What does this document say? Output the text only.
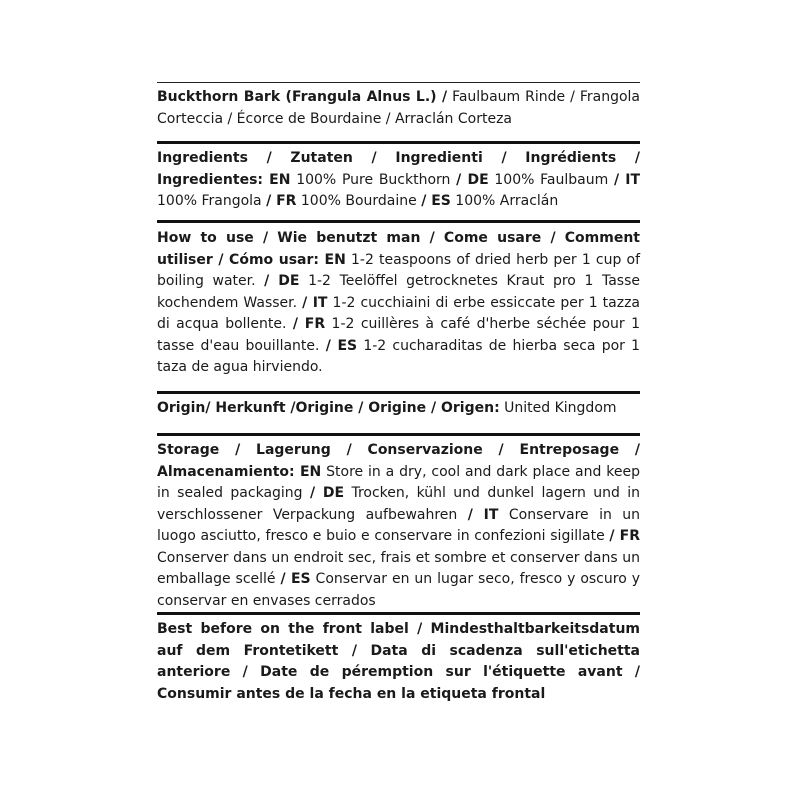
Buckthorn Bark (Frangula Alnus L.) / Faulbaum Rinde / Frangola Corteccia / Écorce de Bourdaine / Arraclán Corteza
Ingredients / Zutaten / Ingredienti / Ingrédients / Ingredientes: EN 100% Pure Buckthorn / DE 100% Faulbaum / IT 100% Frangola / FR 100% Bourdaine / ES 100% Arraclán
How to use / Wie benutzt man / Come usare / Comment utiliser / Cómo usar: EN 1-2 teaspoons of dried herb per 1 cup of boiling water. / DE 1-2 Teelöffel getrocknetes Kraut pro 1 Tasse kochendem Wasser. / IT 1-2 cucchiaini di erbe essiccate per 1 tazza di acqua bollente. / FR 1-2 cuillères à café d'herbe séchée pour 1 tasse d'eau bouillante. / ES 1-2 cucharaditas de hierba seca por 1 taza de agua hirviendo.
Origin/ Herkunft /Origine / Origine / Origen: United Kingdom
Storage / Lagerung / Conservazione / Entreposage / Almacenamiento: EN Store in a dry, cool and dark place and keep in sealed packaging / DE Trocken, kühl und dunkel lagern und in verschlossener Verpackung aufbewahren / IT Conservare in un luogo asciutto, fresco e buio e conservare in confezioni sigillate / FR Conserver dans un endroit sec, frais et sombre et conserver dans un emballage scellé / ES Conservar en un lugar seco, fresco y oscuro y conservar en envases cerrados
Best before on the front label / Mindesthaltbarkeitsdatum auf dem Frontetikett / Data di scadenza sull'etichetta anteriore / Date de péremption sur l'étiquette avant / Consumir antes de la fecha en la etiqueta frontal
